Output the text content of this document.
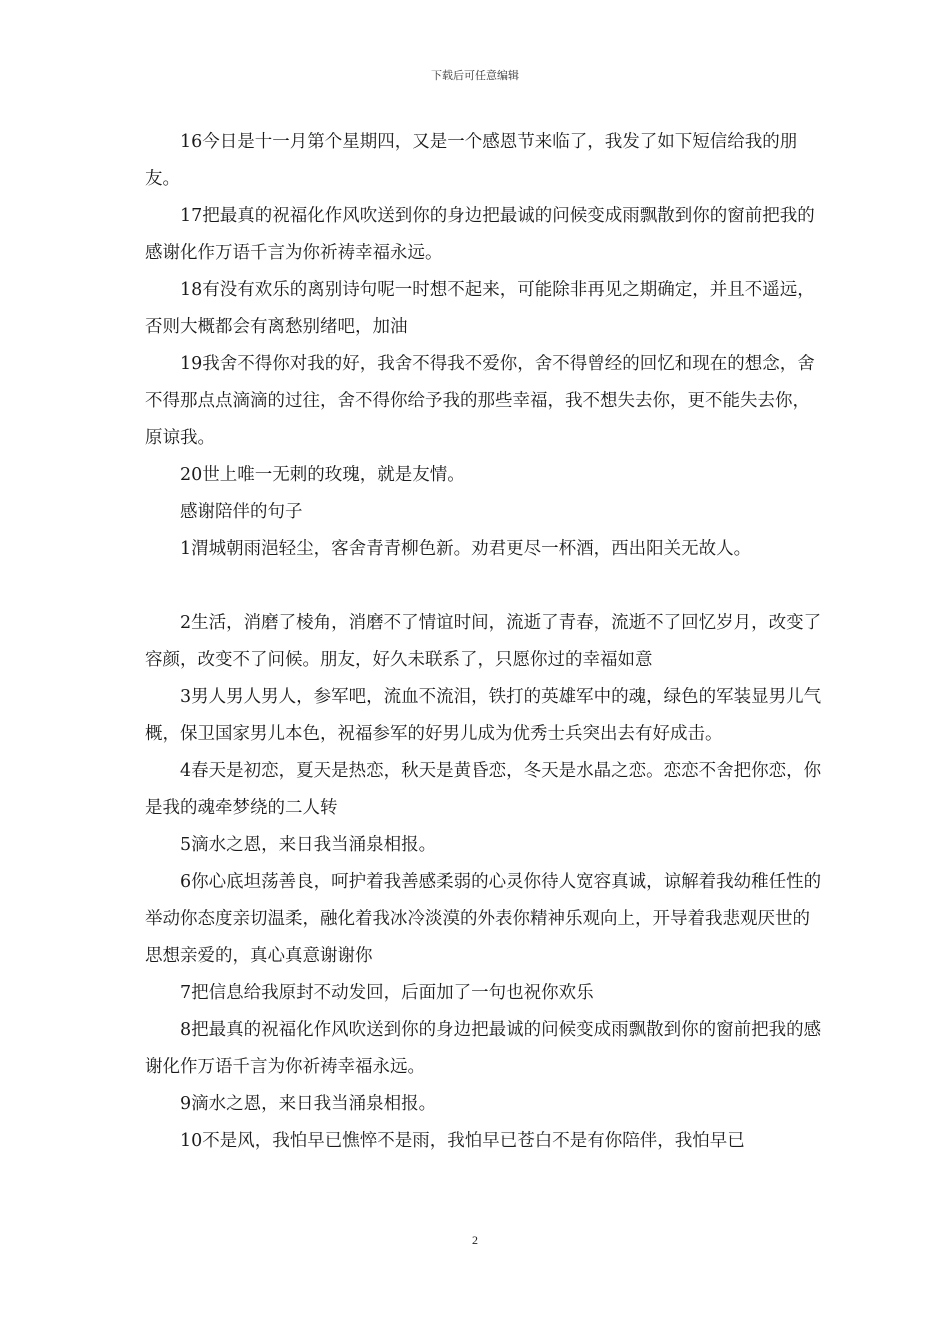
下载后可任意编辑

16今日是十一月第个星期四，又是一个感恩节来临了，我发了如下短信给我的朋友。

17把最真的祝福化作风吹送到你的身边把最诚的问候变成雨飘散到你的窗前把我的感谢化作万语千言为你祈祷幸福永远。

18有没有欢乐的离别诗句呢一时想不起来，可能除非再见之期确定，并且不遥远，否则大概都会有离愁别绪吧，加油

19我舍不得你对我的好，我舍不得我不爱你，舍不得曾经的回忆和现在的想念，舍不得那点点滴滴的过往，舍不得你给予我的那些幸福，我不想失去你，更不能失去你，原谅我。

20世上唯一无刺的玫瑰，就是友情。

感谢陪伴的句子

1渭城朝雨浥轻尘，客舍青青柳色新。劝君更尽一杯酒，西出阳关无故人。

2生活，消磨了棱角，消磨不了情谊时间，流逝了青春，流逝不了回忆岁月，改变了容颜，改变不了问候。朋友，好久未联系了，只愿你过的幸福如意

3男人男人男人，参军吧，流血不流泪，铁打的英雄军中的魂，绿色的军装显男儿气概，保卫国家男儿本色，祝福参军的好男儿成为优秀士兵突出去有好成击。

4春天是初恋，夏天是热恋，秋天是黄昏恋，冬天是水晶之恋。恋恋不舍把你恋，你是我的魂牵梦绕的二人转

5滴水之恩，来日我当涌泉相报。

6你心底坦荡善良，呵护着我善感柔弱的心灵你待人宽容真诚，谅解着我幼稚任性的举动你态度亲切温柔，融化着我冰冷淡漠的外表你精神乐观向上，开导着我悲观厌世的思想亲爱的，真心真意谢谢你

7把信息给我原封不动发回，后面加了一句也祝你欢乐

8把最真的祝福化作风吹送到你的身边把最诚的问候变成雨飘散到你的窗前把我的感谢化作万语千言为你祈祷幸福永远。

9滴水之恩，来日我当涌泉相报。

10不是风，我怕早已憔悴不是雨，我怕早已苍白不是有你陪伴，我怕早已

2
